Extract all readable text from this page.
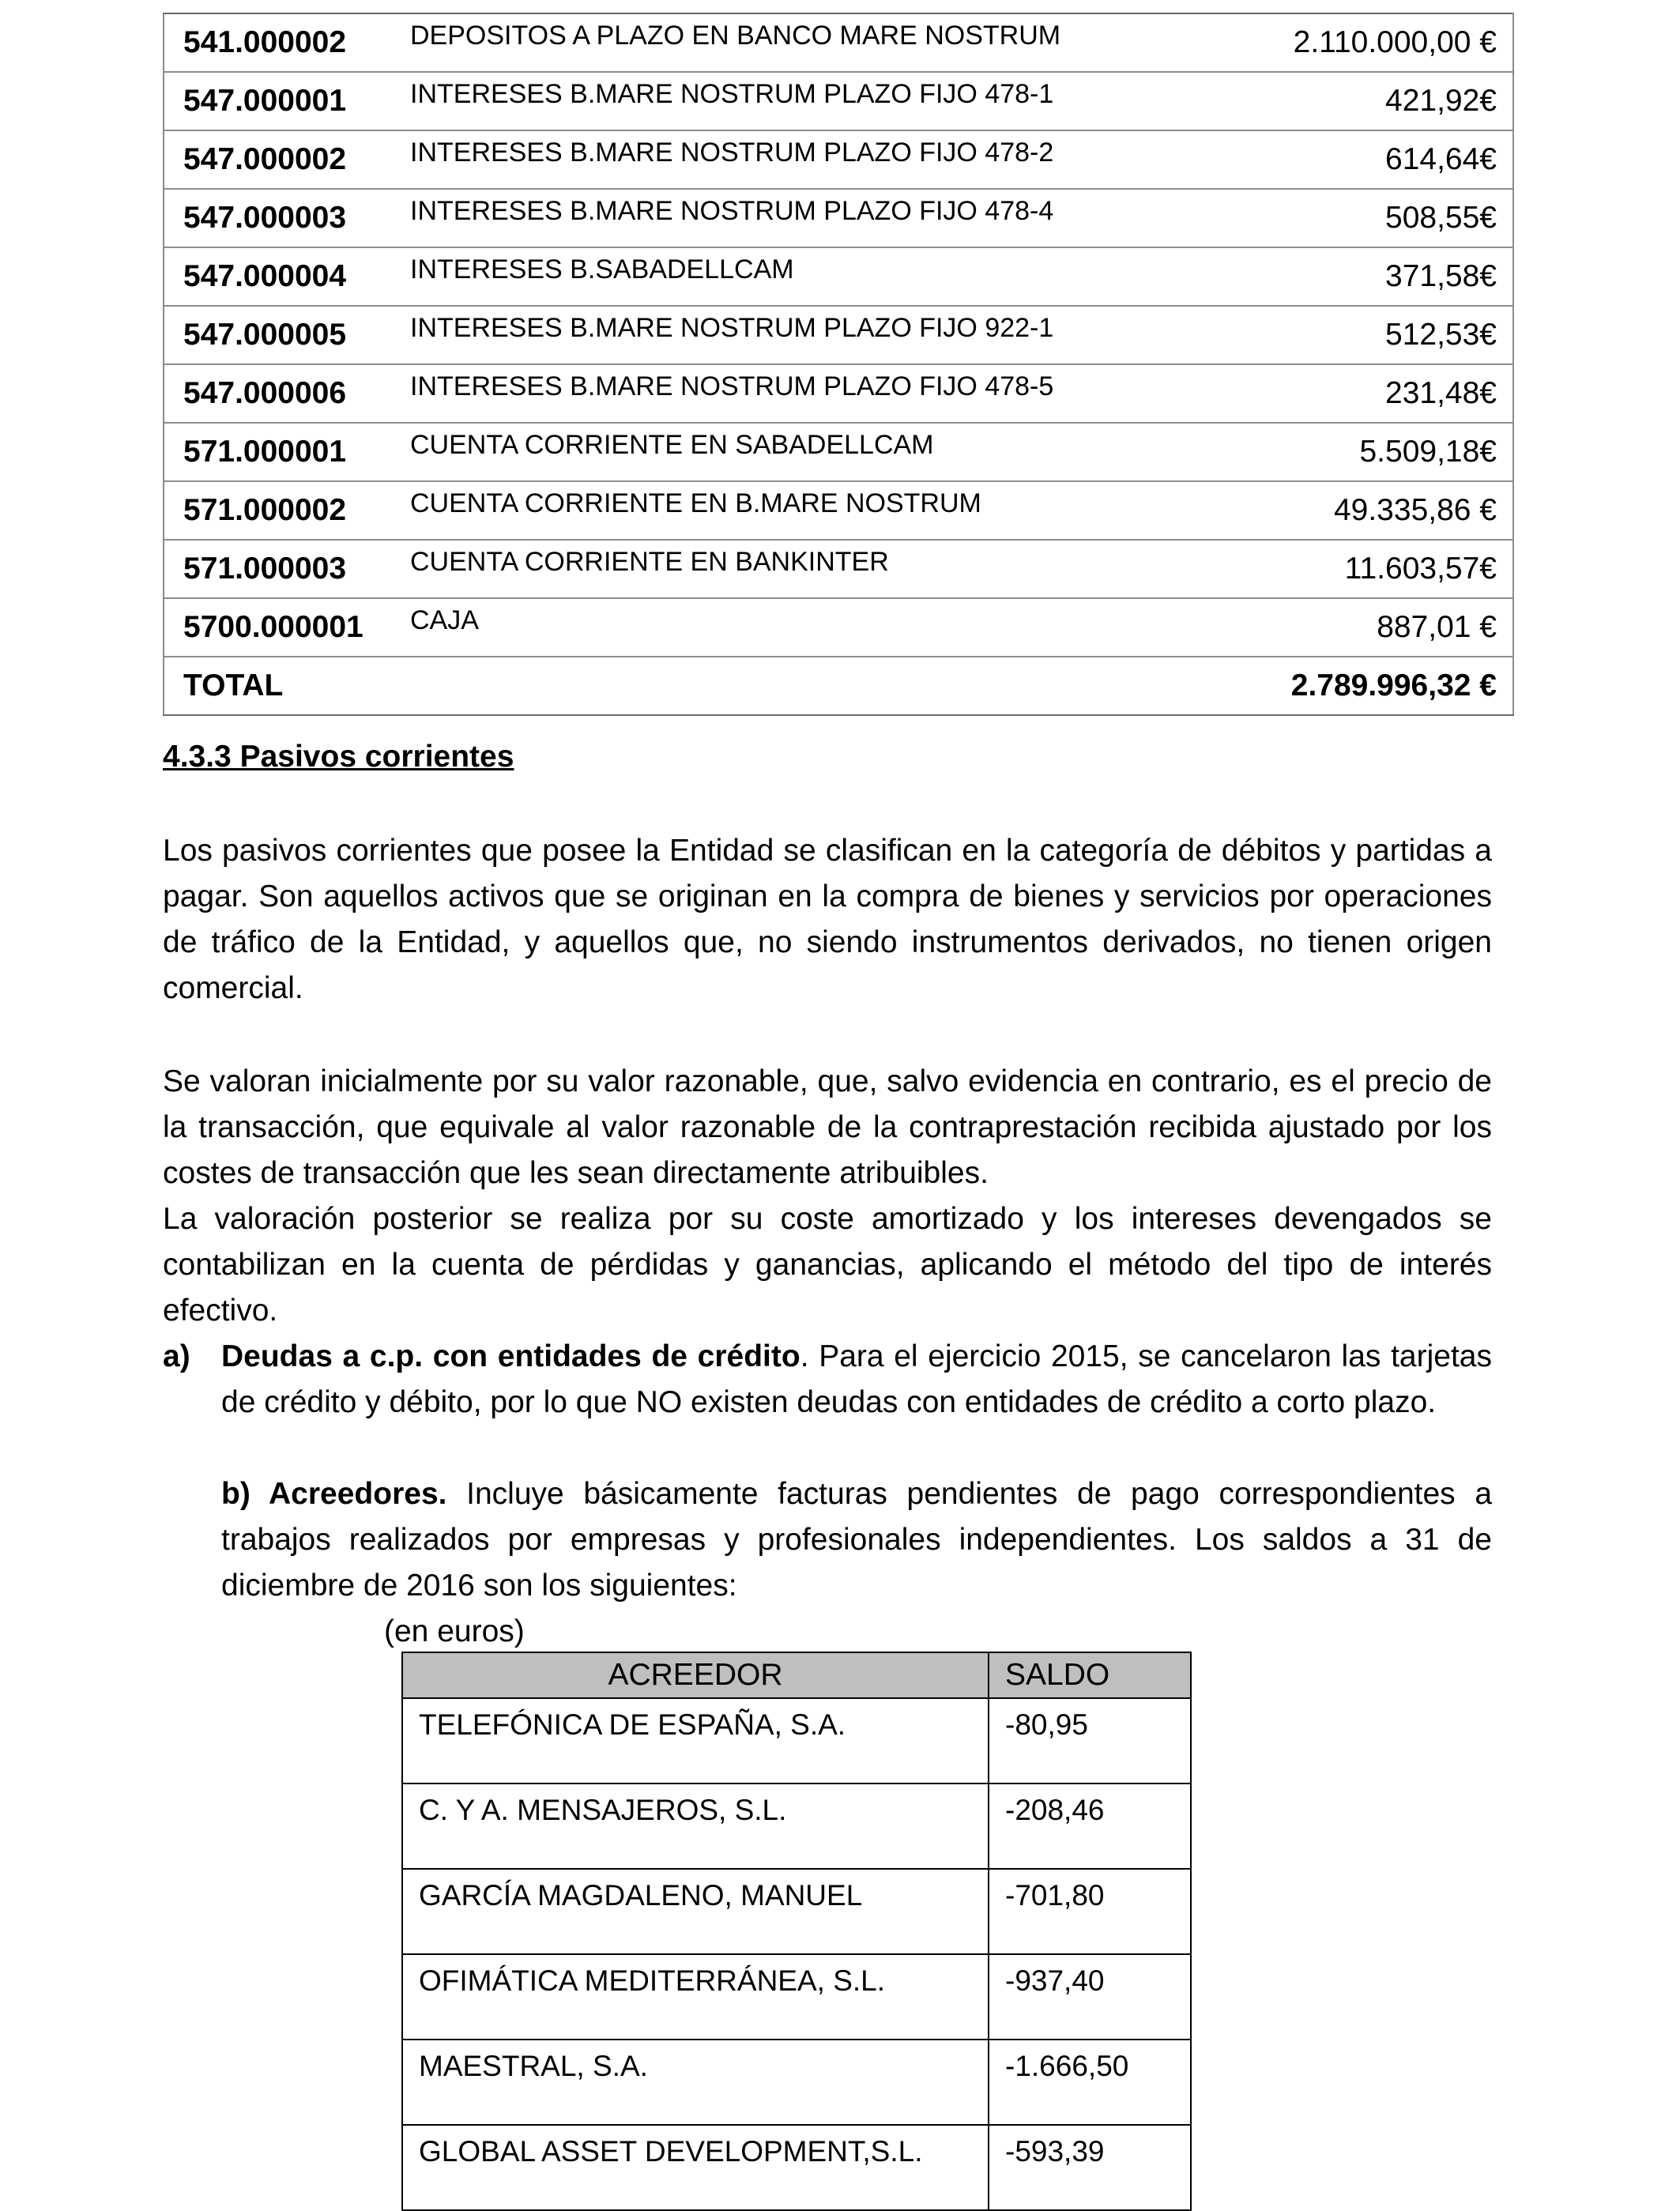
541.000002	DEPOSITOS A PLAZO EN BANCO MARE NOSTRUM	2.110.000,00 €
547.000001	INTERESES B.MARE NOSTRUM PLAZO FIJO 478-1	421,92€
547.000002	INTERESES B.MARE NOSTRUM PLAZO FIJO 478-2	614,64€
547.000003	INTERESES B.MARE NOSTRUM PLAZO FIJO 478-4	508,55€
547.000004	INTERESES B.SABADELLCAM	371,58€
547.000005	INTERESES B.MARE NOSTRUM PLAZO FIJO 922-1	512,53€
547.000006	INTERESES B.MARE NOSTRUM PLAZO FIJO 478-5	231,48€
571.000001	CUENTA CORRIENTE EN SABADELLCAM	5.509,18€
571.000002	CUENTA CORRIENTE EN B.MARE NOSTRUM	49.335,86 €
571.000003	CUENTA CORRIENTE EN BANKINTER	11.603,57€
5700.000001	CAJA	887,01 €
TOTAL		2.789.996,32 €
4.3.3 Pasivos corrientes

Los pasivos corrientes que posee la Entidad se clasifican en la categoría de débitos y partidas a pagar. Son aquellos activos que se originan en la compra de bienes y servicios por operaciones de tráfico de la Entidad, y aquellos que, no siendo instrumentos derivados, no tienen origen comercial.

Se valoran inicialmente por su valor razonable, que, salvo evidencia en contrario, es el precio de la transacción, que equivale al valor razonable de la contraprestación recibida ajustado por los costes de transacción que les sean directamente atribuibles.

La valoración posterior se realiza por su coste amortizado y los intereses devengados se contabilizan en la cuenta de pérdidas y ganancias, aplicando el método del tipo de interés efectivo.

a) Deudas a c.p. con entidades de crédito. Para el ejercicio 2015, se cancelaron las tarjetas de crédito y débito, por lo que NO existen deudas con entidades de crédito a corto plazo.

b) Acreedores. Incluye básicamente facturas pendientes de pago correspondientes a trabajos realizados por empresas y profesionales independientes. Los saldos a 31 de diciembre de 2016 son los siguientes:

(en euros)

ACREEDOR	SALDO
TELEFÓNICA DE ESPAÑA, S.A.	-80,95
C. Y A. MENSAJEROS, S.L.	-208,46
GARCÍA MAGDALENO, MANUEL	-701,80
OFIMÁTICA MEDITERRÁNEA, S.L.	-937,40
MAESTRAL, S.A.	-1.666,50
GLOBAL ASSET DEVELOPMENT,S.L.	-593,39
